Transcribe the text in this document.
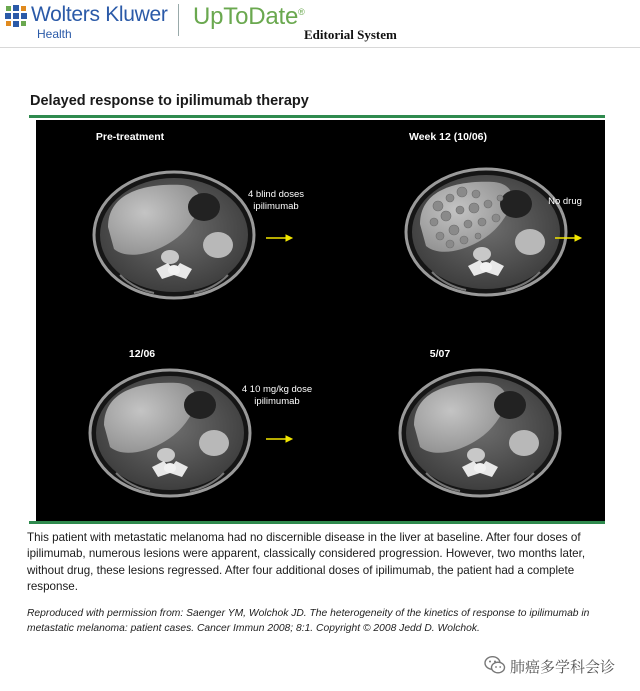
Wolters Kluwer
Health
UpToDate®
Editorial System
Delayed response to ipilimumab therapy
Pre-treatment	Week 12 (10/06)
12/06	5/07
4 blind doses
ipilimumab	No drug
4 10 mg/kg dose
ipilimumab
This patient with metastatic melanoma had no discernible disease in the liver at baseline. After four doses of ipilimumab, numerous lesions were apparent, classically considered progression. However, two months later, without drug, these lesions regressed. After four additional doses of ipilimumab, the patient had a complete response.
Reproduced with permission from: Saenger YM, Wolchok JD. The heterogeneity of the kinetics of response to ipilimumab in metastatic melanoma: patient cases. Cancer Immun 2008; 8:1. Copyright © 2008 Jedd D. Wolchok.
肺癌多学科会诊
